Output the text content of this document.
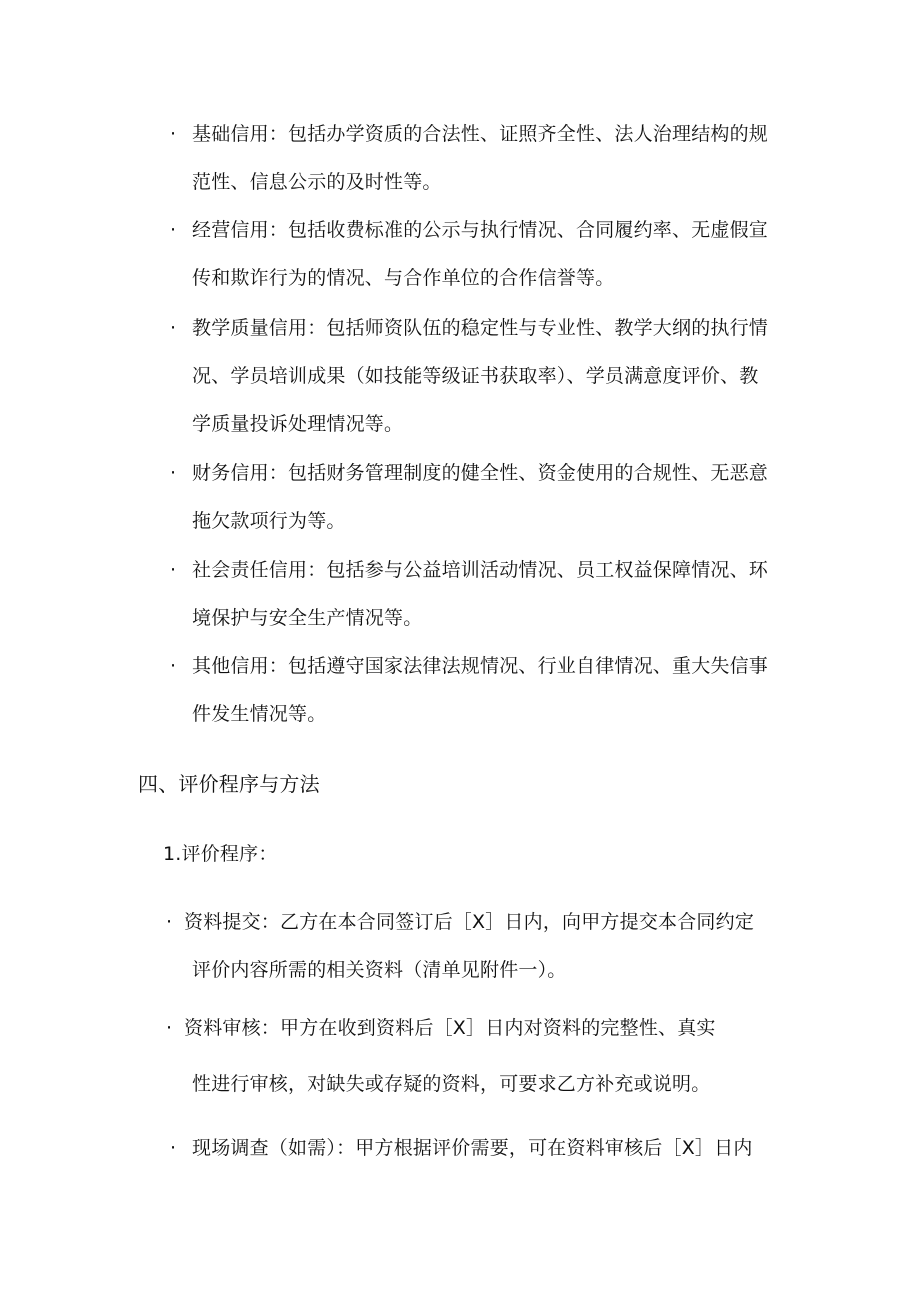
· 基础信用：包括办学资质的合法性、证照齐全性、法人治理结构的规
范性、信息公示的及时性等。
· 经营信用：包括收费标准的公示与执行情况、合同履约率、无虚假宣
传和欺诈行为的情况、与合作单位的合作信誉等。
· 教学质量信用：包括师资队伍的稳定性与专业性、教学大纲的执行情
况、学员培训成果（如技能等级证书获取率）、学员满意度评价、教
学质量投诉处理情况等。
· 财务信用：包括财务管理制度的健全性、资金使用的合规性、无恶意
拖欠款项行为等。
· 社会责任信用：包括参与公益培训活动情况、员工权益保障情况、环
境保护与安全生产情况等。
· 其他信用：包括遵守国家法律法规情况、行业自律情况、重大失信事
件发生情况等。
四、评价程序与方法
1.评价程序：
· 资料提交：乙方在本合同签订后［X］日内，向甲方提交本合同约定
评价内容所需的相关资料（清单见附件一）。
· 资料审核：甲方在收到资料后［X］日内对资料的完整性、真实
性进行审核，对缺失或存疑的资料，可要求乙方补充或说明。
· 现场调查（如需）：甲方根据评价需要，可在资料审核后［X］日内
